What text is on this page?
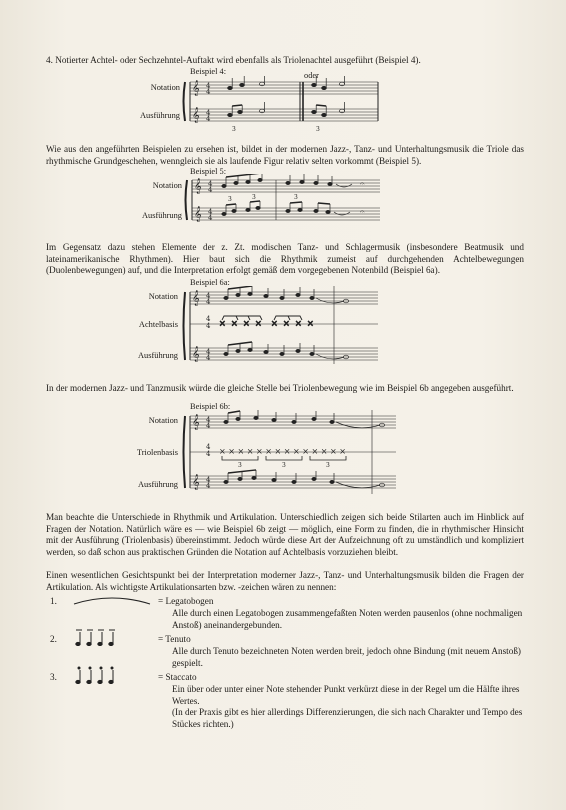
4. Notierter Achtel- oder Sechzehntel-Auftakt wird ebenfalls als Triolenachtel ausgeführt (Beispiel 4).

Beispiel 4:	oder
Notation
Ausführung
𝄞
𝄞
4
4
4
4
3	3

Wie aus den angeführten Beispielen zu ersehen ist, bildet in der modernen Jazz-, Tanz- und Unterhaltungsmusik die Triole das rhythmische Grundgeschehen, wenngleich sie als laufende Figur relativ selten vorkommt (Beispiel 5).

Beispiel 5:
Notation
Ausführung
𝄞
𝄞
4
4
4
4
𝄐
𝄐
3	3	3

Im Gegensatz dazu stehen Elemente der z. Zt. modischen Tanz- und Schlagermusik (insbesondere Beatmusik und lateinamerikanische Rhythmen). Hier baut sich die Rhythmik zumeist auf durchgehenden Achtelbewegungen (Duolenbewegungen) auf, und die Interpretation erfolgt gemäß dem vorgegebenen Notenbild (Beispiel 6a).

Beispiel 6a:
Notation
Achtelbasis
Ausführung
𝄞
𝄞
4
4
4
4
4
4
× × × × × × × ×

In der modernen Jazz- und Tanzmusik würde die gleiche Stelle bei Triolenbewegung wie im Beispiel 6b angegeben ausgeführt.

Beispiel 6b:
Notation
Triolenbasis
Ausführung
𝄞
𝄞
4
4
4
4
4
4
× × × × × × × × × × × × × ×
3	3	3

Man beachte die Unterschiede in Rhythmik und Artikulation. Unterschiedlich zeigen sich beide Stilarten auch im Hinblick auf Fragen der Notation. Natürlich wäre es — wie Beispiel 6b zeigt — möglich, eine Form zu finden, die in rhythmischer Hinsicht mit der Ausführung (Triolenbasis) übereinstimmt. Jedoch würde diese Art der Aufzeichnung oft zu umständlich und kompliziert werden, so daß schon aus praktischen Gründen die Notation auf Achtelbasis vorzuziehen bleibt.

Einen wesentlichen Gesichtspunkt bei der Interpretation moderner Jazz-, Tanz- und Unterhaltungsmusik bilden die Fragen der Artikulation. Als wichtigste Artikulationsarten bzw. -zeichen wären zu nennen:

1.	= Legatobogen

Alle durch einen Legatobogen zusammengefaßten Noten werden pausenlos (ohne nochmaligen Anstoß) aneinandergebunden.

2.	= Tenuto

Alle durch Tenuto bezeichneten Noten werden breit, jedoch ohne Bindung (mit neuem Anstoß) gespielt.

3.	= Staccato

Ein über oder unter einer Note stehender Punkt verkürzt diese in der Regel um die Hälfte ihres Wertes.
(In der Praxis gibt es hier allerdings Differenzierungen, die sich nach Charakter und Tempo des Stückes richten.)
